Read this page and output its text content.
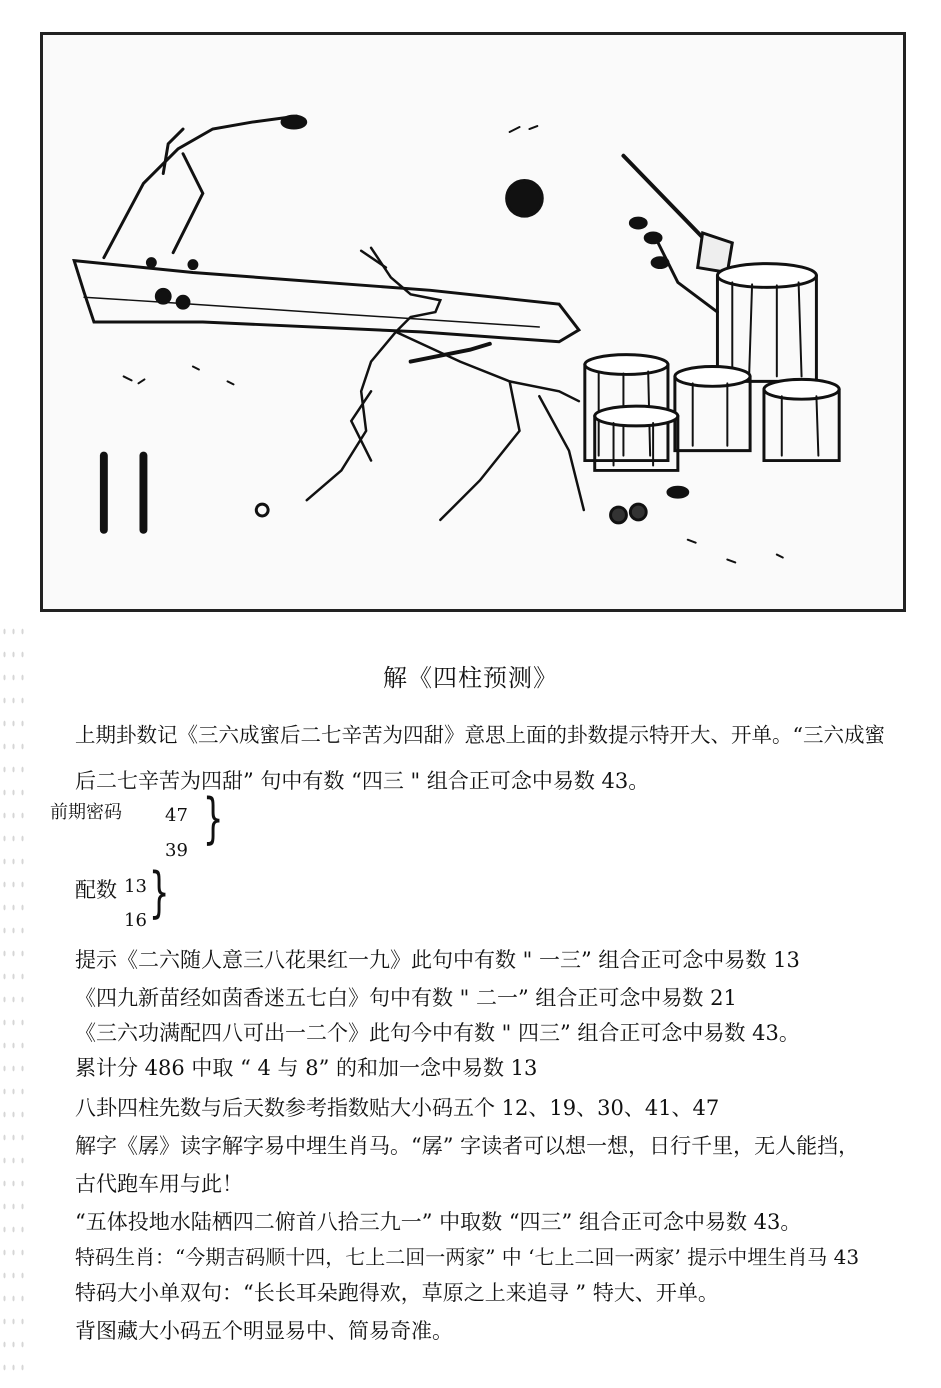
解《四柱预测》
上期卦数记《三六成蜜后二七辛苦为四甜》意思上面的卦数提示特开大、开单。“三六成蜜
后二七辛苦为四甜” 句中有数 “四三 " 组合正可念中易数 43。
前期密码 47
39
}
配数 13
16 }
提示《二六随人意三八花果红一九》此句中有数 " 一三” 组合正可念中易数 13
《四九新苗经如茵香迷五七白》句中有数 " 二一” 组合正可念中易数 21
《三六功满配四八可出一二个》此句今中有数 " 四三” 组合正可念中易数 43。
累计分 486 中取 “ 4 与 8” 的和加一念中易数 13
八卦四柱先数与后天数参考指数贴大小码五个 12、19、30、41、47
解字《孱》读字解字易中埋生肖马。“孱” 字读者可以想一想，日行千里，无人能挡，
古代跑车用与此！
“五体投地水陆栖四二俯首八拾三九一” 中取数 “四三” 组合正可念中易数 43。
特码生肖：“今期吉码顺十四，七上二回一两家” 中 ‘七上二回一两家’ 提示中埋生肖马 43
特码大小单双句：“长长耳朵跑得欢，草原之上来追寻 ” 特大、开单。
背图藏大小码五个明显易中、简易奇准。
